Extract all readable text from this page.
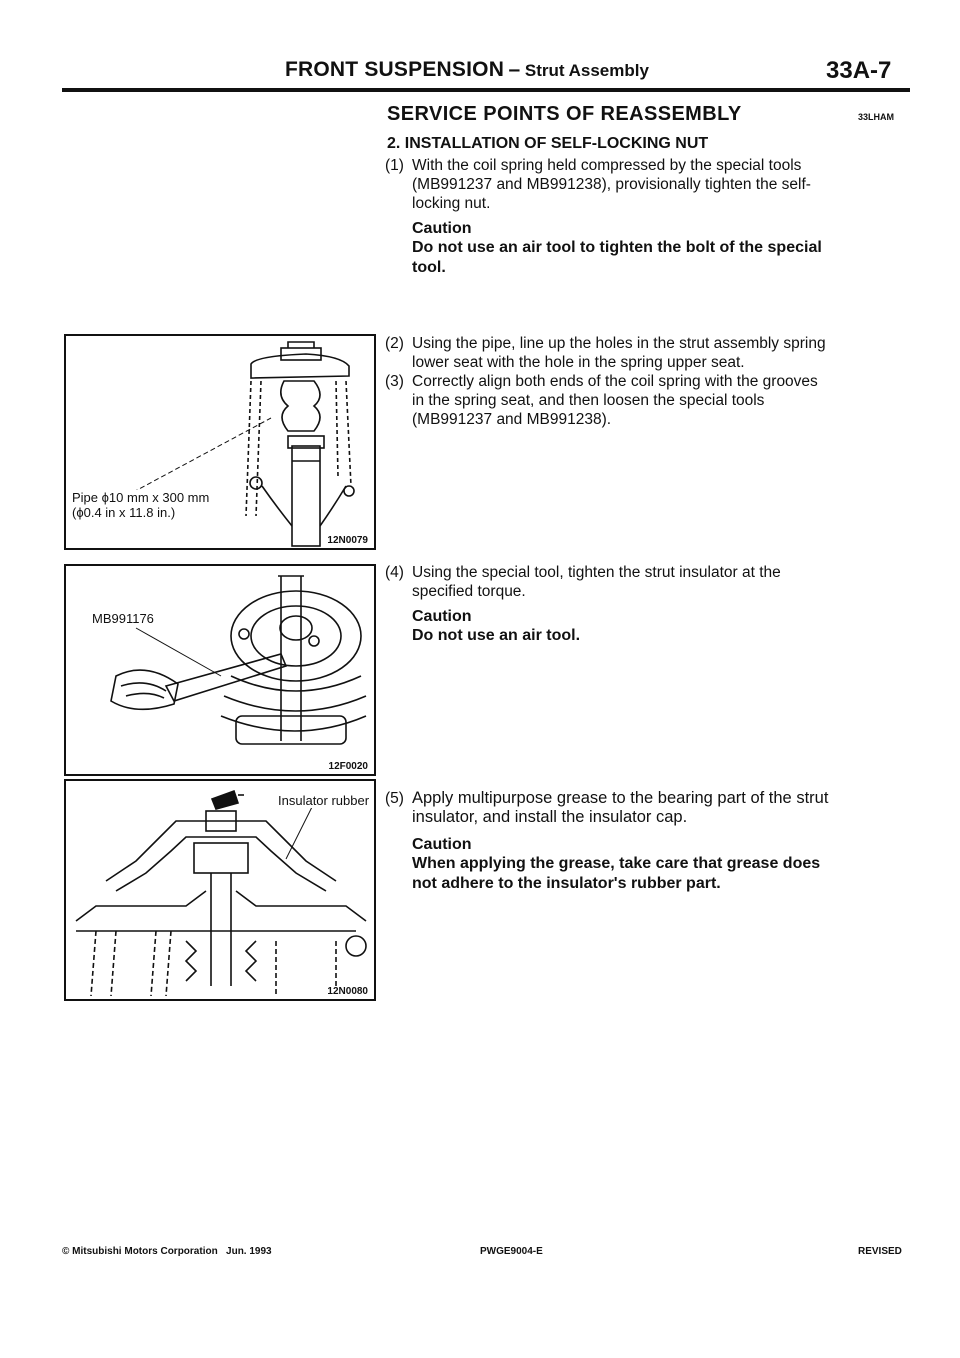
FRONT SUSPENSION – Strut Assembly	33A-7
SERVICE POINTS OF REASSEMBLY	33LHAM
2. INSTALLATION OF SELF-LOCKING NUT
(1) With the coil spring held compressed by the special tools
(MB991237 and MB991238), provisionally tighten the self-
locking nut.
Caution
Do not use an air tool to tighten the bolt of the special
tool.
(2) Using the pipe, line up the holes in the strut assembly spring
lower seat with the hole in the spring upper seat.
(3) Correctly align both ends of the coil spring with the grooves
in the spring seat, and then loosen the special tools
(MB991237 and MB991238).
(4) Using the special tool, tighten the strut insulator at the
specified torque.
Caution
Do not use an air tool.
(5) Apply multipurpose grease to the bearing part of the strut
insulator, and install the insulator cap.
Caution
When applying the grease, take care that grease does
not adhere to the insulator's rubber part.
Pipe ϕ10 mm x 300 mm
(ϕ0.4 in x 11.8 in.)
12N0079
MB991176
12F0020
Insulator rubber
12N0080
© Mitsubishi Motors Corporation   Jun. 1993	PWGE9004-E	REVISED
